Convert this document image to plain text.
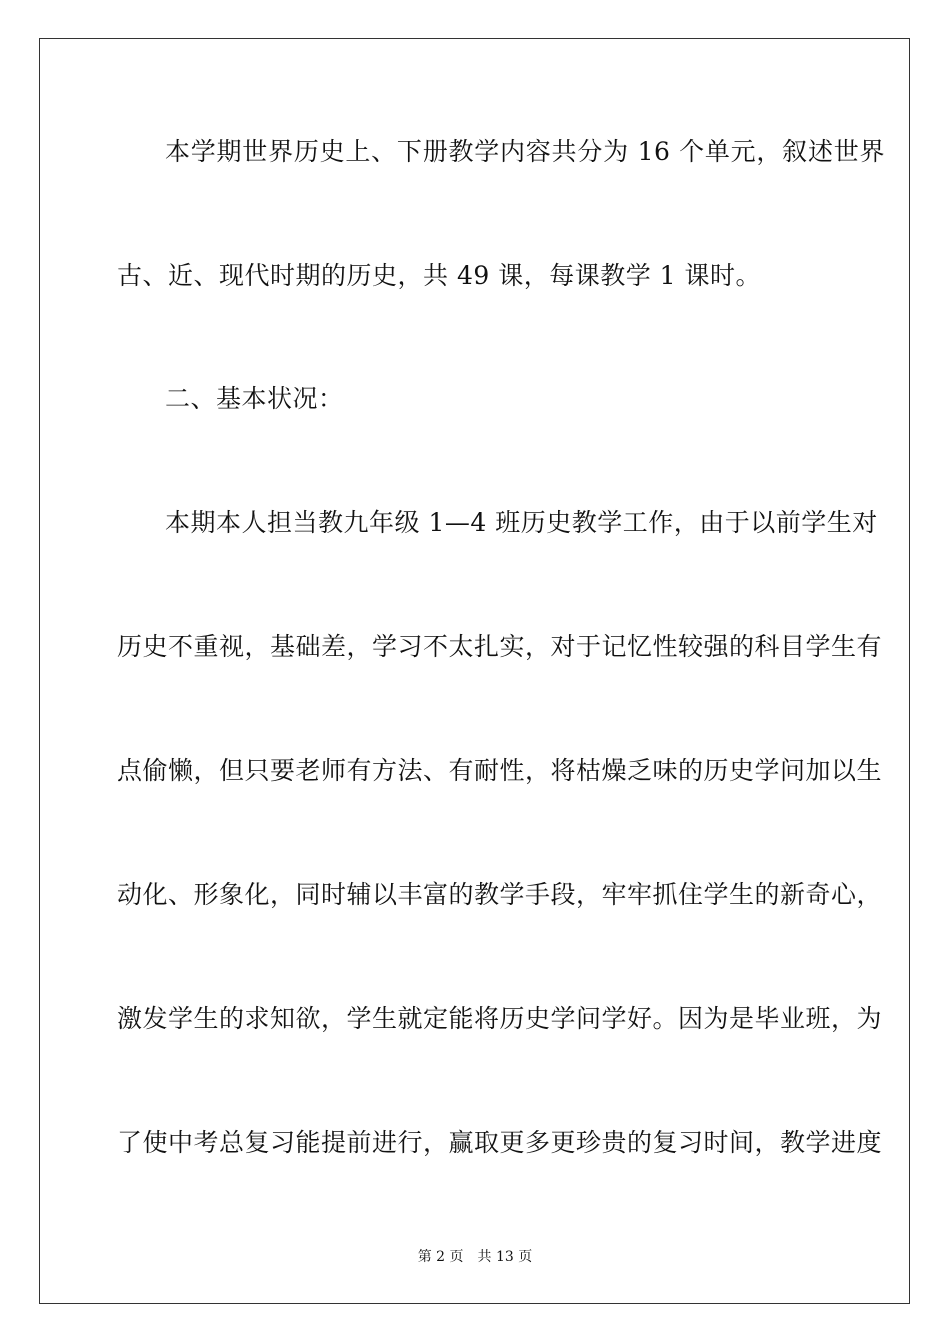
本学期世界历史上、下册教学内容共分为 16 个单元，叙述世界
古、近、现代时期的历史，共 49 课，每课教学 1 课时。
二、基本状况：
本期本人担当教九年级 1—4 班历史教学工作，由于以前学生对
历史不重视，基础差，学习不太扎实，对于记忆性较强的科目学生有
点偷懒，但只要老师有方法、有耐性，将枯燥乏味的历史学问加以生
动化、形象化，同时辅以丰富的教学手段，牢牢抓住学生的新奇心，
激发学生的求知欲，学生就定能将历史学问学好。因为是毕业班，为
了使中考总复习能提前进行，赢取更多更珍贵的复习时间，教学进度
第 2 页 共 13 页
